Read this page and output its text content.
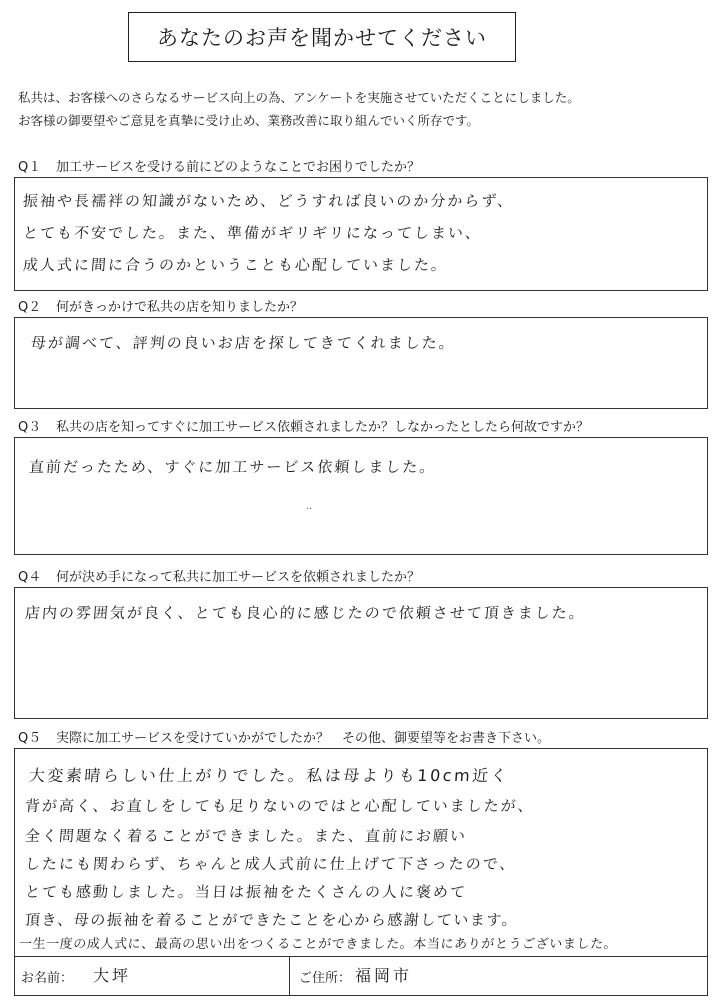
あなたのお声を聞かせてください
私共は、お客様へのさらなるサービス向上の為、アンケートを実施させていただくことにしました。
お客様の御要望やご意見を真摯に受け止め、業務改善に取り組んでいく所存です。
Q１ 加工サービスを受ける前にどのようなことでお困りでしたか？
振袖や長襦袢の知識がないため、どうすれば良いのか分からず、
とても不安でした。また、準備がギリギリになってしまい、
成人式に間に合うのかということも心配していました。
Q２ 何がきっかけで私共の店を知りましたか？
母が調べて、評判の良いお店を探してきてくれました。
Q３ 私共の店を知ってすぐに加工サービス依頼されましたか？しなかったとしたら何故ですか？
直前だったため、すぐに加工サービス依頼しました。
··
Q４ 何が決め手になって私共に加工サービスを依頼されましたか？
店内の雰囲気が良く、とても良心的に感じたので依頼させて頂きました。
Q５ 実際に加工サービスを受けていかがでしたか？　その他、御要望等をお書き下さい。
大変素晴らしい仕上がりでした。私は母よりも10cm近く
背が高く、お直しをしても足りないのではと心配していましたが、
全く問題なく着ることができました。また、直前にお願い
したにも関わらず、ちゃんと成人式前に仕上げて下さったので、
とても感動しました。当日は振袖をたくさんの人に褒めて
頂き、母の振袖を着ることができたことを心から感謝しています。
一生一度の成人式に、最高の思い出をつくることができました。本当にありがとうございました。
お名前： 大坪	ご住所： 福岡市
